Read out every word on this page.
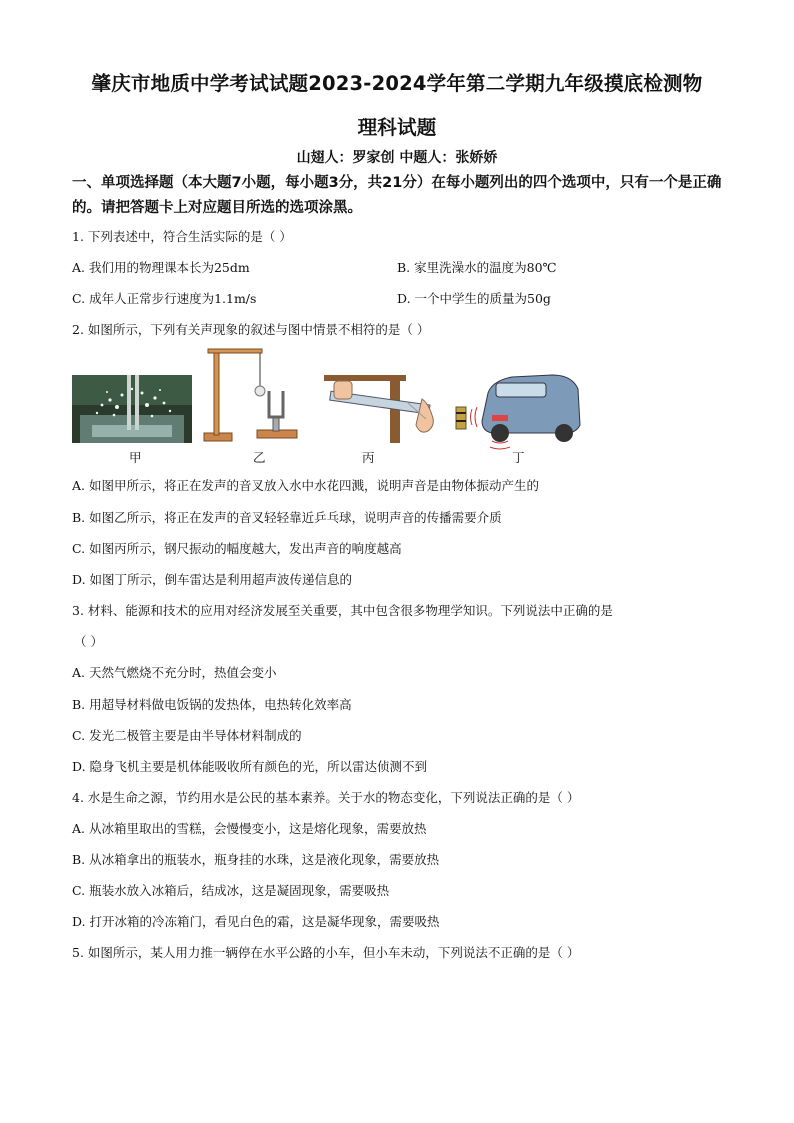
肇庆市地质中学考试试题2023-2024学年第二学期九年级摸底检测物
理科试题
山翅人：罗家创 中题人：张娇娇
一、单项选择题（本大题7小题，每小题3分，共21分）在每小题列出的四个选项中，只有一个是正确的。请把答题卡上对应题目所选的选项涂黑。
1. 下列表述中，符合生活实际的是（ ）
A. 我们用的物理课本长为25dm	B. 家里洗澡水的温度为80℃
C. 成年人正常步行速度为1.1m/s	D. 一个中学生的质量为50g
2. 如图所示，下列有关声现象的叙述与图中情景不相符的是（ ）
甲	乙	丙	丁
A. 如图甲所示，将正在发声的音叉放入水中水花四溅，说明声音是由物体振动产生的
B. 如图乙所示，将正在发声的音叉轻轻靠近乒乓球，说明声音的传播需要介质
C. 如图丙所示，钢尺振动的幅度越大，发出声音的响度越高
D. 如图丁所示，倒车雷达是利用超声波传递信息的
3. 材料、能源和技术的应用对经济发展至关重要，其中包含很多物理学知识。下列说法中正确的是
（ ）
A. 天然气燃烧不充分时，热值会变小
B. 用超导材料做电饭锅的发热体，电热转化效率高
C. 发光二极管主要是由半导体材料制成的
D. 隐身飞机主要是机体能吸收所有颜色的光，所以雷达侦测不到
4. 水是生命之源，节约用水是公民的基本素养。关于水的物态变化，下列说法正确的是（ ）
A. 从冰箱里取出的雪糕，会慢慢变小，这是熔化现象，需要放热
B. 从冰箱拿出的瓶装水，瓶身挂的水珠，这是液化现象，需要放热
C. 瓶装水放入冰箱后，结成冰，这是凝固现象，需要吸热
D. 打开冰箱的冷冻箱门，看见白色的霜，这是凝华现象，需要吸热
5. 如图所示，某人用力推一辆停在水平公路的小车，但小车未动，下列说法不正确的是（ ）
